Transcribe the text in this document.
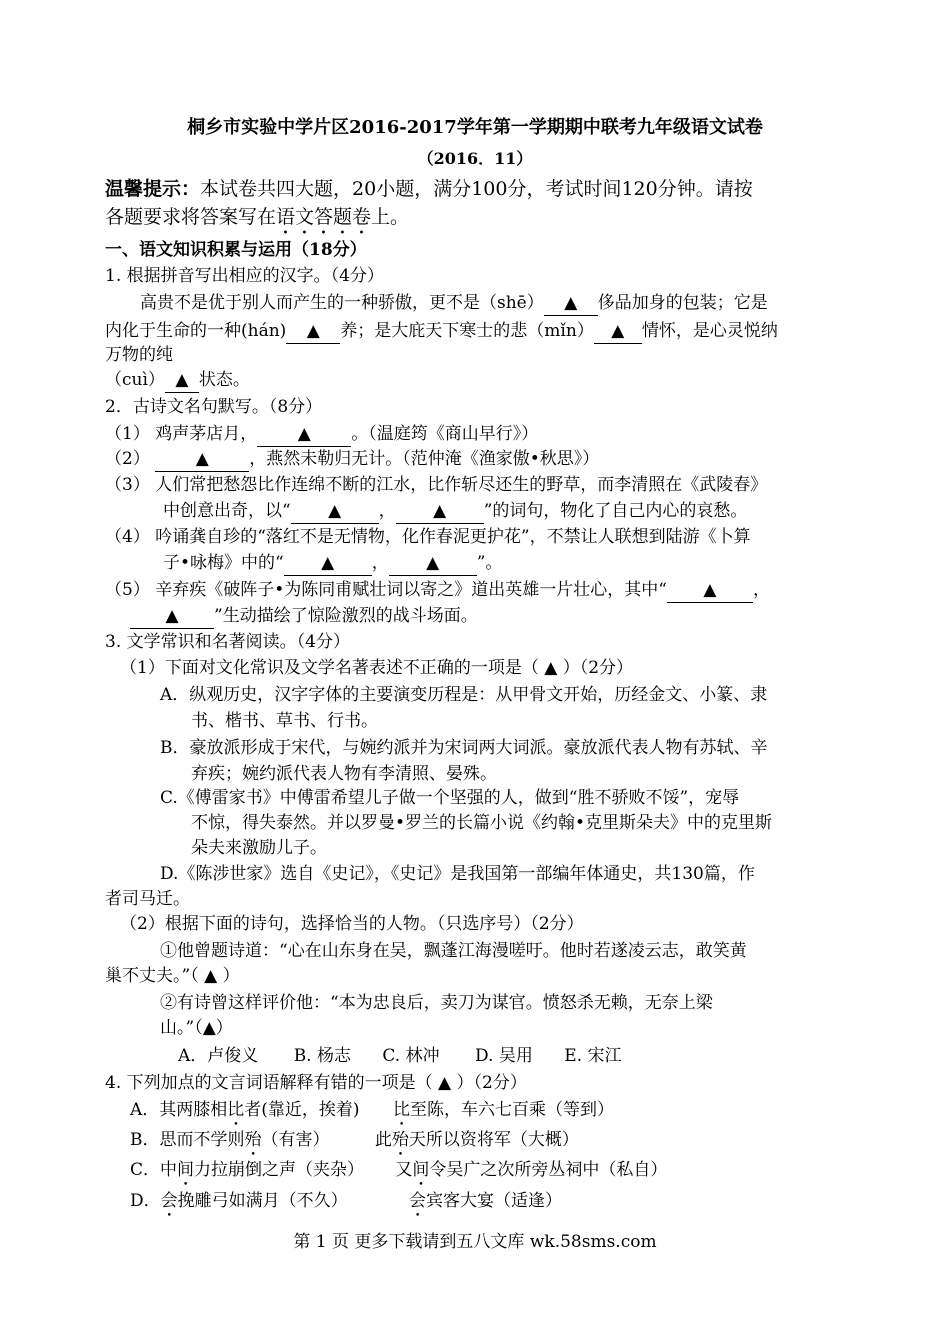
桐乡市实验中学片区2016-2017学年第一学期期中联考九年级语文试卷
（2016．11）
温馨提示：本试卷共四大题，20小题，满分100分，考试时间120分钟。请按
各题要求将答案写在语文答题卷上。
一、语文知识积累与运用（18分）
1. 根据拼音写出相应的汉字。（4分）
高贵不是优于别人而产生的一种骄傲，更不是（shē） ▲ 侈品加身的包装；它是
内化于生命的一种(hán) ▲ 养；是大庇天下寒士的悲（mǐn） ▲ 情怀，是心灵悦纳
万物的纯
（cuì） ▲ 状态。
2．古诗文名句默写。（8分）
（1） 鸡声茅店月， ▲ 。（温庭筠《商山早行》）
（2）	▲ ，燕然未勒归无计。（范仲淹《渔家傲•秋思》）
（3） 人们常把愁怨比作连绵不断的江水，比作斩尽还生的野草，而李清照在《武陵春》
中创意出奇，以“ ▲ ， ▲ ”的词句，物化了自己内心的哀愁。
（4） 吟诵龚自珍的“落红不是无情物，化作春泥更护花”，不禁让人联想到陆游《卜算
子•咏梅》中的“ ▲ ， ▲ ”。
（5） 辛弃疾《破阵子•为陈同甫赋壮词以寄之》道出英雄一片壮心，其中“ ▲ ，
▲ ”生动描绘了惊险激烈的战斗场面。
3. 文学常识和名著阅读。（4分）
（1）下面对文化常识及文学名著表述不正确的一项是（ ▲ ）（2分）
A．纵观历史，汉字字体的主要演变历程是：从甲骨文开始，历经金文、小篆、隶
书、楷书、草书、行书。
B．豪放派形成于宋代，与婉约派并为宋词两大词派。豪放派代表人物有苏轼、辛
弃疾；婉约派代表人物有李清照、晏殊。
C.《傅雷家书》中傅雷希望儿子做一个坚强的人，做到“胜不骄败不馁”，宠辱
不惊，得失泰然。并以罗曼•罗兰的长篇小说《约翰•克里斯朵夫》中的克里斯
朵夫来激励儿子。
D.《陈涉世家》选自《史记》，《史记》是我国第一部编年体通史，共130篇，作
者司马迁。
（2）根据下面的诗句，选择恰当的人物。（只选序号）（2分）
①他曾题诗道：“心在山东身在吴，飘蓬江海漫嗟吁。他时若遂凌云志，敢笑黄
巢不丈夫。”（ ▲ ）
②有诗曾这样评价他：“本为忠良后，卖刀为谋官。愤怒杀无赖，无奈上梁
山。”（▲）
A．卢俊义 B. 杨志 C. 林冲 D. 吴用 E. 宋江
4. 下列加点的文言词语解释有错的一项是（ ▲ ）（2分）
A．其两膝相比者(靠近，挨着) 比至陈，车六七百乘（等到）
B．思而不学则殆（有害）	此殆天所以资将军（大概）
C．中间力拉崩倒之声（夹杂） 又间令吴广之次所旁丛祠中（私自）
D．会挽雕弓如满月（不久）	会宾客大宴（适逢）
第 1 页 更多下载请到五八文库 wk.58sms.com
